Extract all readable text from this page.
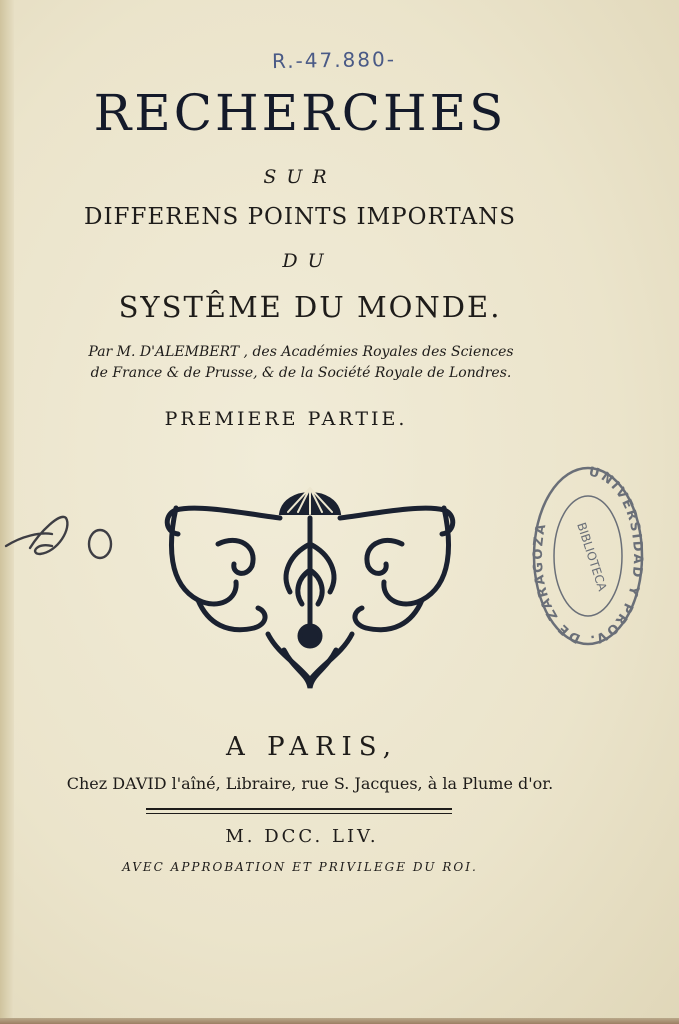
R.-47.880-
RECHERCHES
SUR
DIFFERENS POINTS IMPORTANS
DU
SYSTÊME DU MONDE.
Par M. D'ALEMBERT , des Académies Royales des Sciences
de France & de Prusse, & de la Société Royale de Londres.
PREMIERE PARTIE.
UNIVERSIDAD Y PROV. DE ZARAGOZA	BIBLIOTECA
A PARIS,
Chez DAVID l'aîné, Libraire, rue S. Jacques, à la Plume d'or.
M. DCC. LIV.
AVEC APPROBATION ET PRIVILEGE DU ROI.
